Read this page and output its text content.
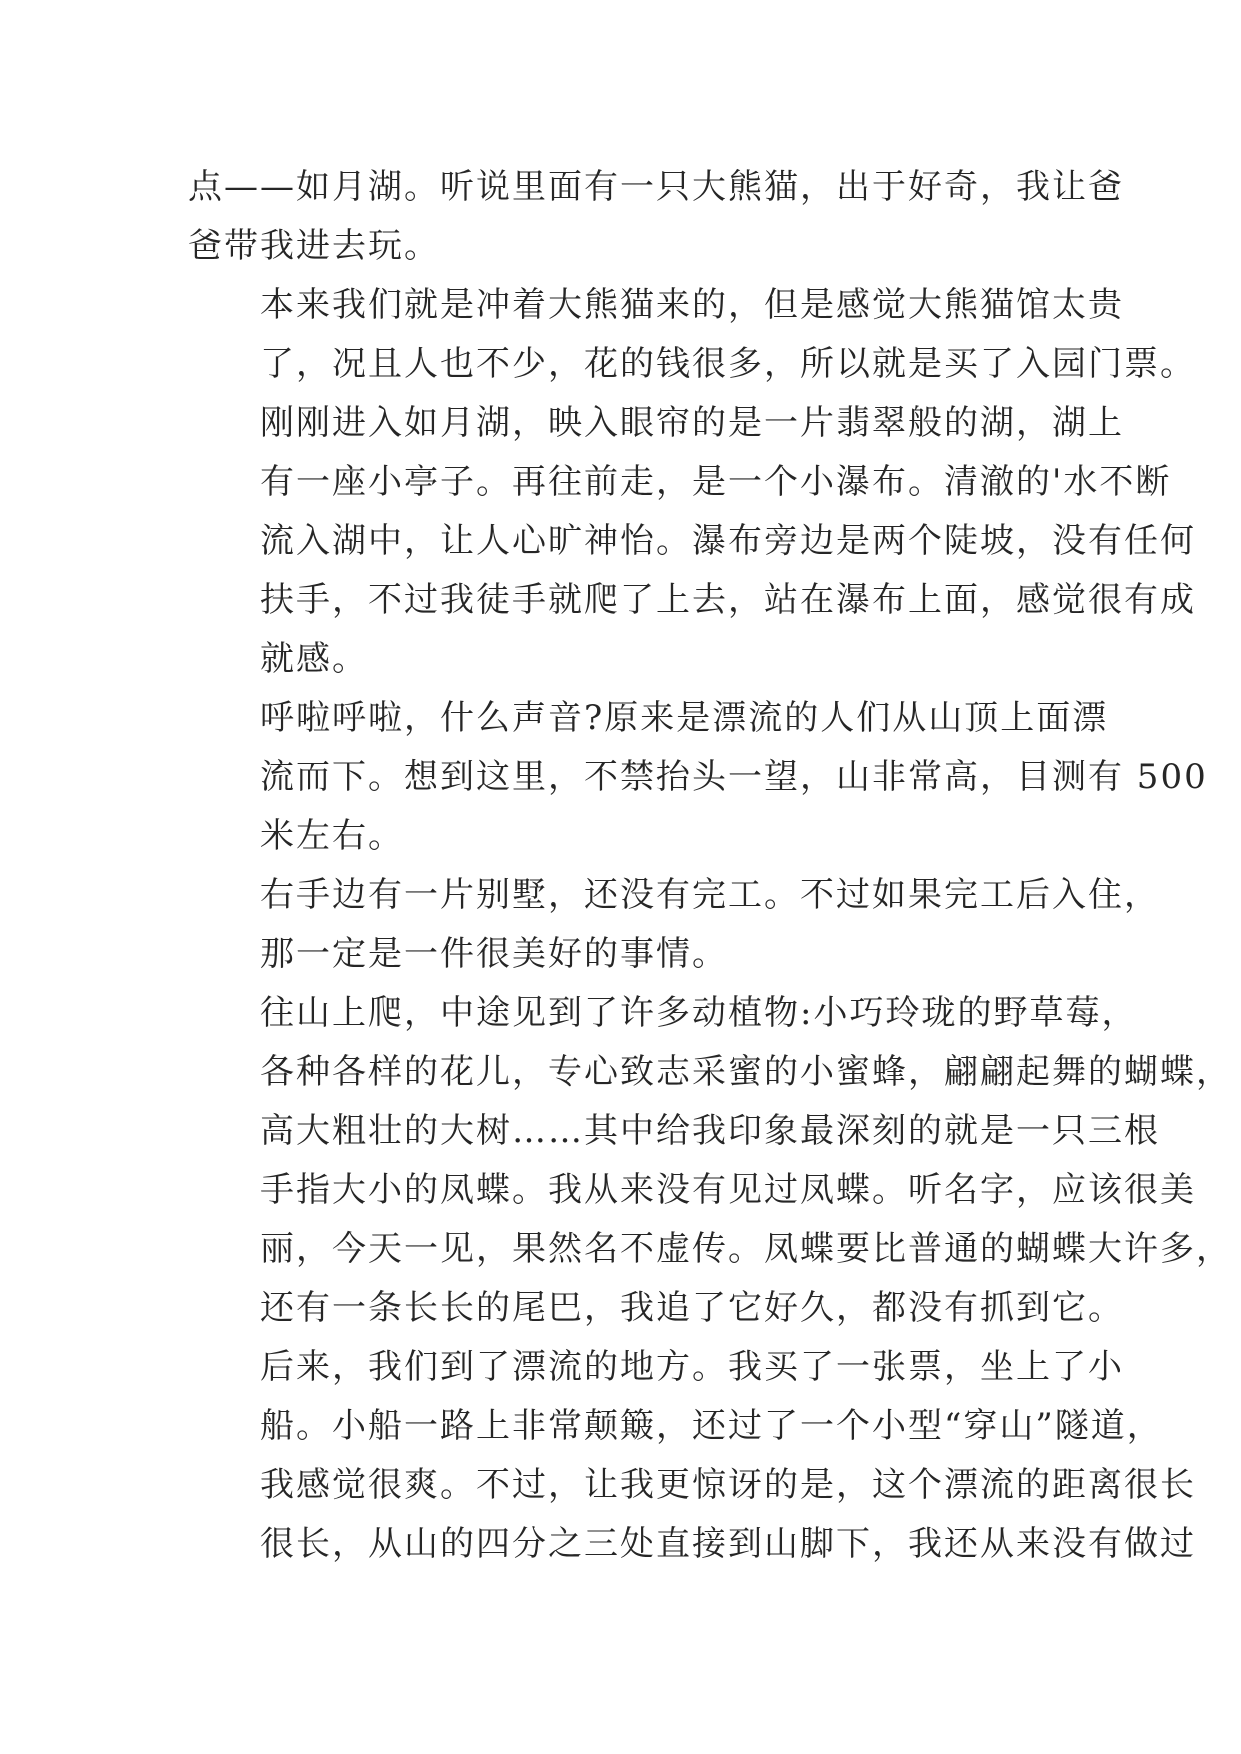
点——如月湖。听说里面有一只大熊猫，出于好奇，我让爸
爸带我进去玩。
本来我们就是冲着大熊猫来的，但是感觉大熊猫馆太贵
了，况且人也不少，花的钱很多，所以就是买了入园门票。
刚刚进入如月湖，映入眼帘的是一片翡翠般的湖，湖上
有一座小亭子。再往前走，是一个小瀑布。清澈的'水不断
流入湖中，让人心旷神怡。瀑布旁边是两个陡坡，没有任何
扶手，不过我徒手就爬了上去，站在瀑布上面，感觉很有成
就感。
呼啦呼啦，什么声音?原来是漂流的人们从山顶上面漂
流而下。想到这里，不禁抬头一望，山非常高，目测有 500
米左右。
右手边有一片别墅，还没有完工。不过如果完工后入住，
那一定是一件很美好的事情。
往山上爬，中途见到了许多动植物:小巧玲珑的野草莓，
各种各样的花儿，专心致志采蜜的小蜜蜂，翩翩起舞的蝴蝶，
高大粗壮的大树……其中给我印象最深刻的就是一只三根
手指大小的凤蝶。我从来没有见过凤蝶。听名字，应该很美
丽，今天一见，果然名不虚传。凤蝶要比普通的蝴蝶大许多，
还有一条长长的尾巴，我追了它好久，都没有抓到它。
后来，我们到了漂流的地方。我买了一张票，坐上了小
船。小船一路上非常颠簸，还过了一个小型“穿山”隧道，
我感觉很爽。不过，让我更惊讶的是，这个漂流的距离很长
很长，从山的四分之三处直接到山脚下，我还从来没有做过
